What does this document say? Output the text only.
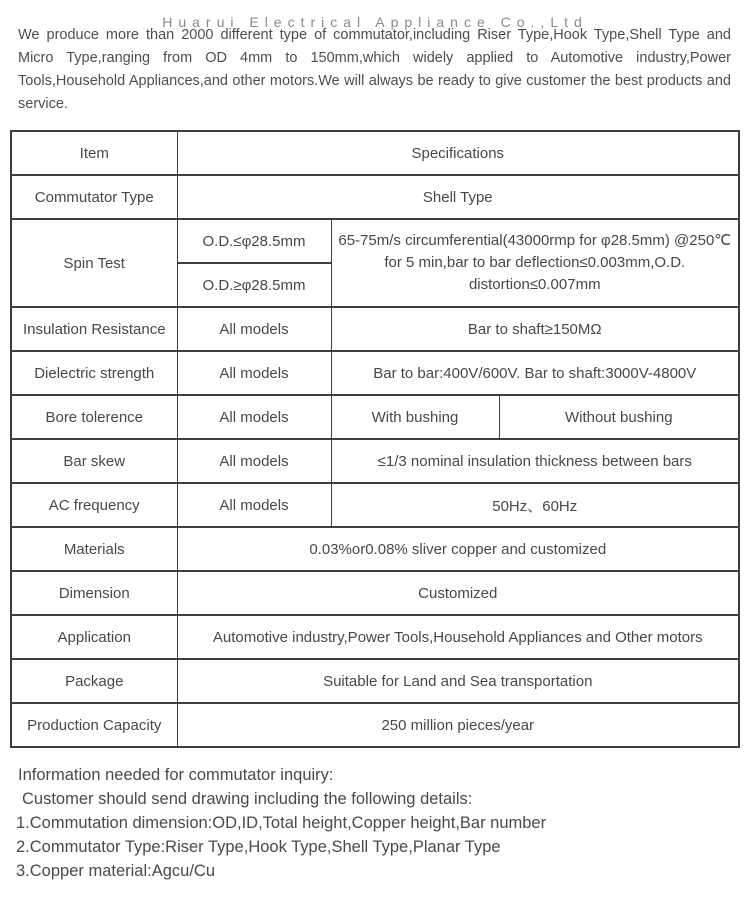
Huarui Electrical Appliance Co.,Ltd

We produce more than 2000 different type of commutator,including Riser Type,Hook Type,Shell Type and Micro Type,ranging from OD 4mm to 150mm,which widely applied to Automotive industry,Power Tools,Household Appliances,and other motors.We will always be ready to give customer the best products and service.

Item	Specifications		
Commutator Type	Shell Type		
Spin Test	O.D.≤φ28.5mm	65-75m/s circumferential(43000rmp for φ28.5mm) @250℃ for 5 min,bar to bar deflection≤0.003mm,O.D. distortion≤0.007mm	
	O.D.≥φ28.5mm		
Insulation Resistance	All models	Bar to shaft≥150MΩ	
Dielectric strength	All models	Bar to bar:400V/600V. Bar to shaft:3000V-4800V	
Bore tolerence	All models	With bushing	Without bushing
Bar skew	All models	≤1/3 nominal insulation thickness between bars	
AC frequency	All models	50Hz、60Hz	
Materials	0.03%or0.08% sliver copper and customized		
Dimension	Customized		
Application	Automotive industry,Power Tools,Household Appliances and Other motors		
Package	Suitable for Land and Sea transportation		
Production Capacity	250 million pieces/year		
Information needed for commutator inquiry:
Customer should send drawing including the following details:
1.Commutation dimension:OD,ID,Total height,Copper height,Bar number
2.Commutator Type:Riser Type,Hook Type,Shell Type,Planar Type
3.Copper material:Agcu/Cu
